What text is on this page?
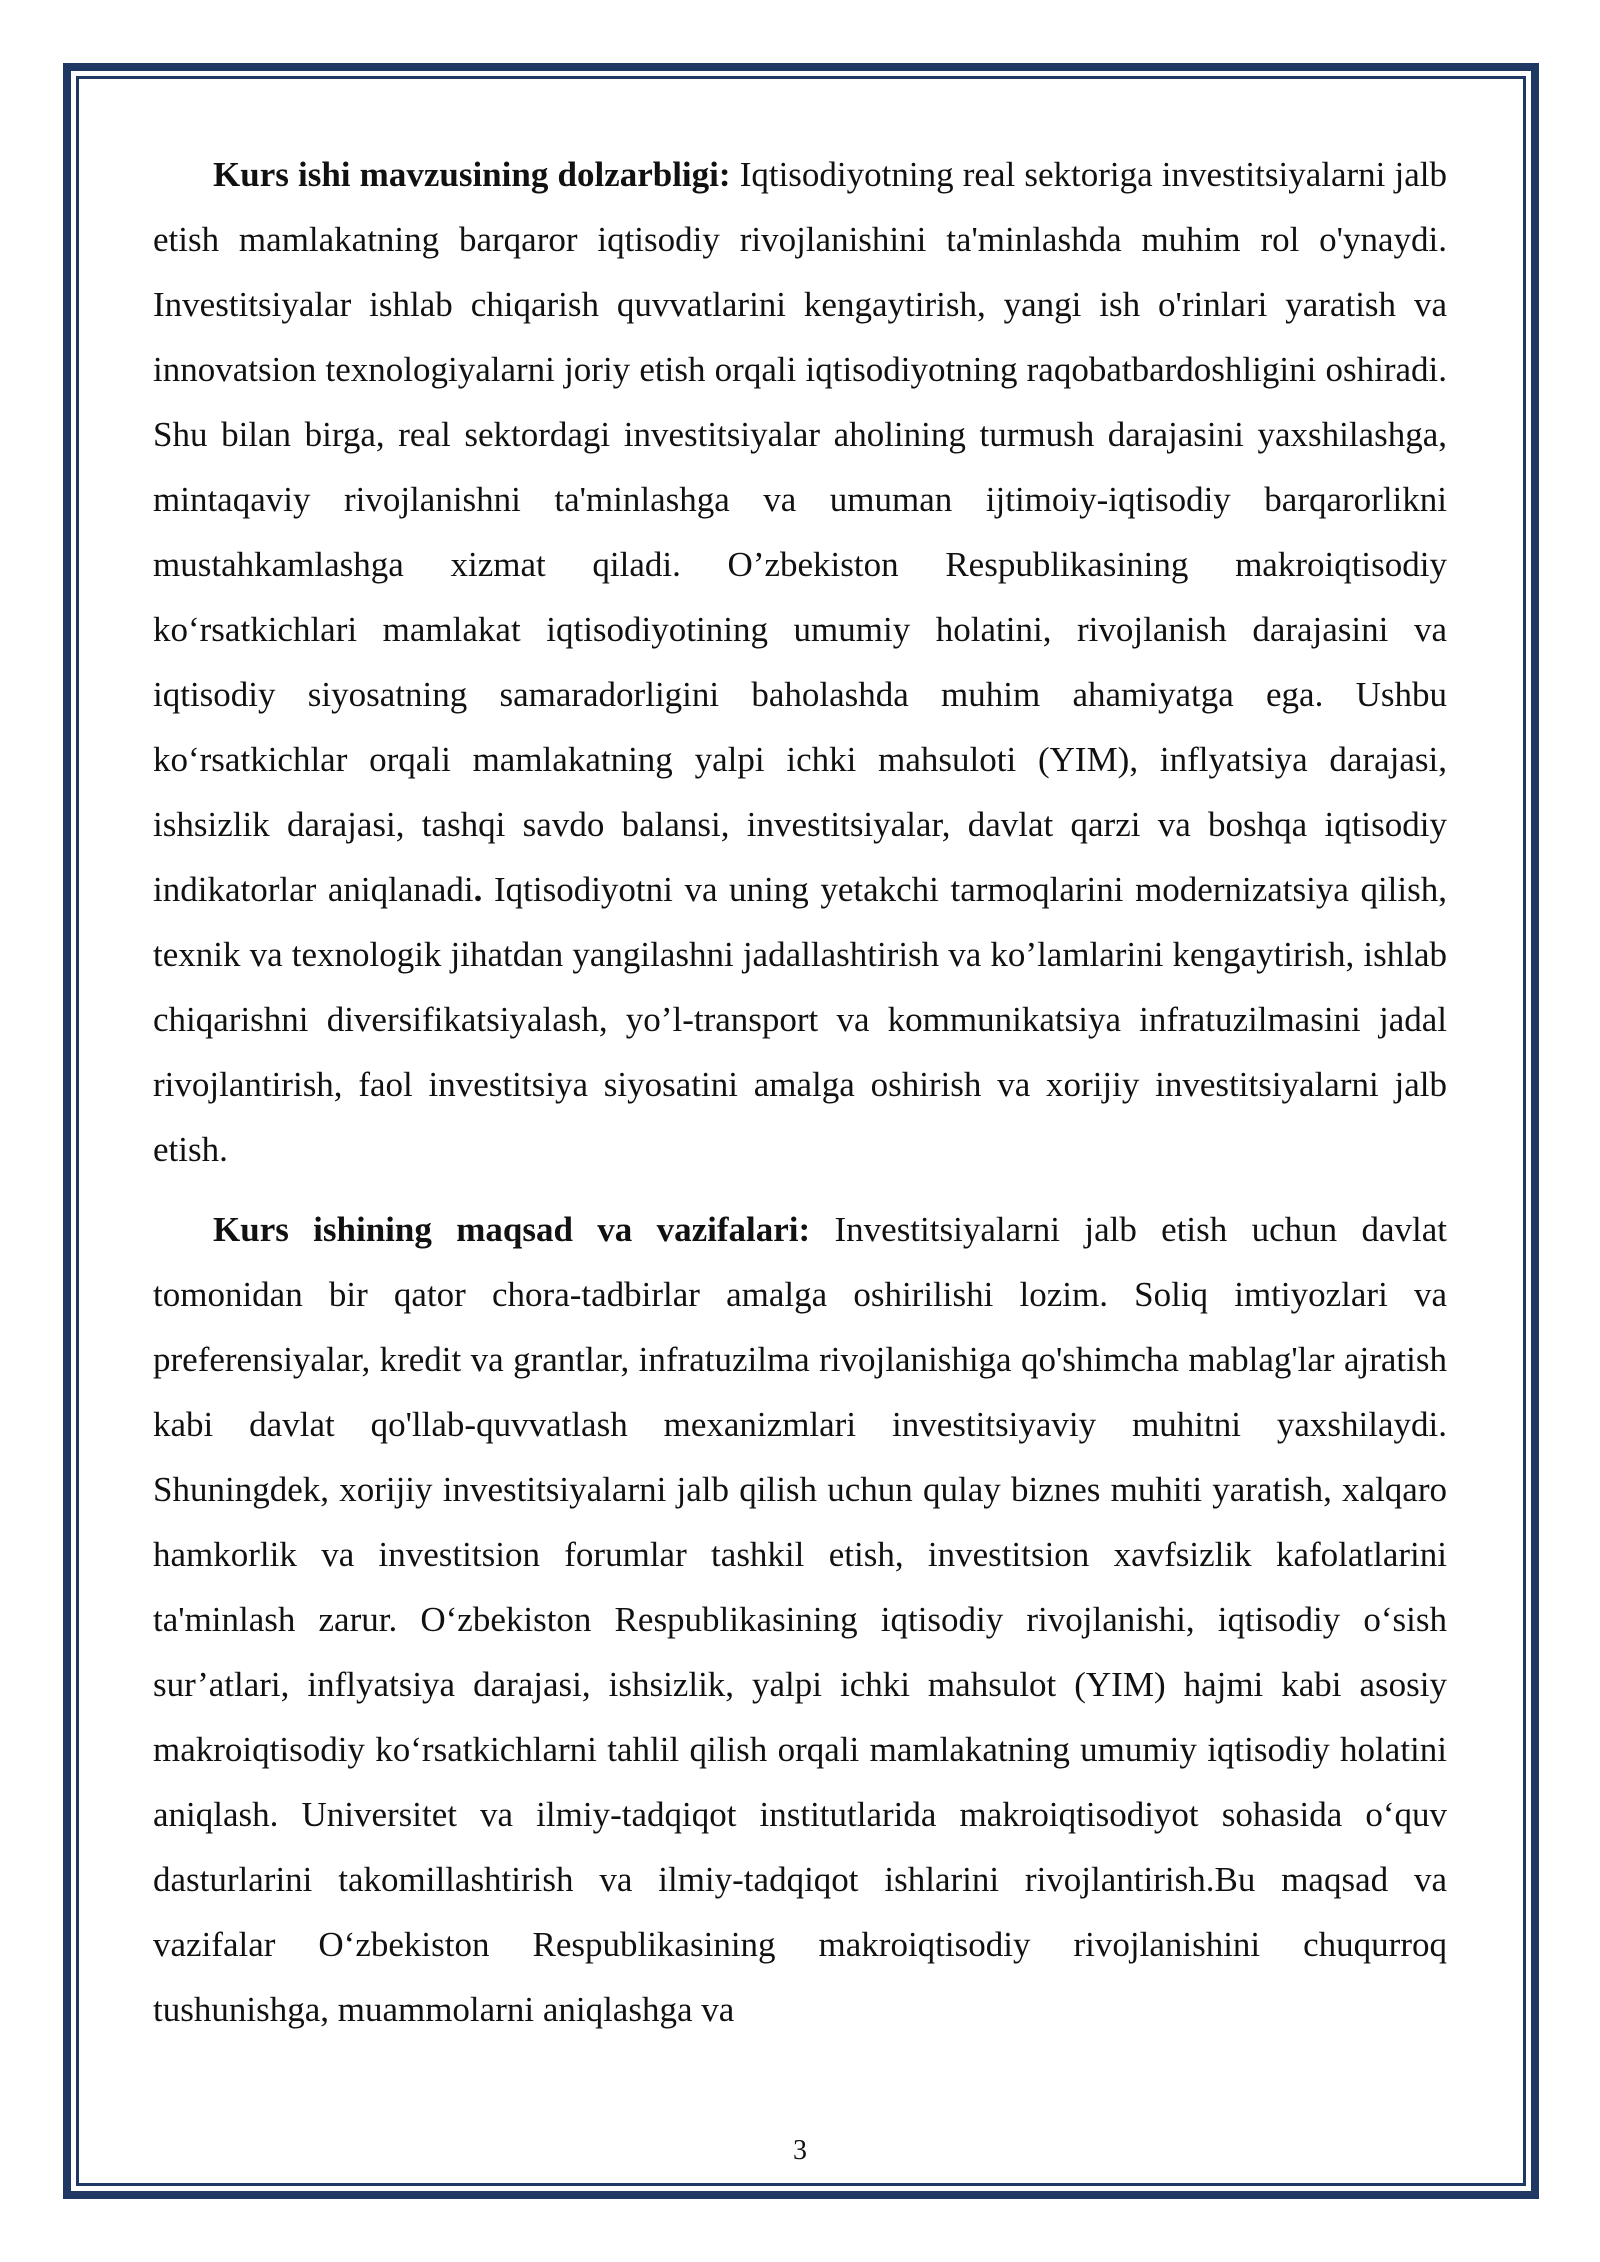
Kurs ishi mavzusining dolzarbligi: Iqtisodiyotning real sektoriga investitsiyalarni jalb etish mamlakatning barqaror iqtisodiy rivojlanishini ta'minlashda muhim rol o'ynaydi. Investitsiyalar ishlab chiqarish quvvatlarini kengaytirish, yangi ish o'rinlari yaratish va innovatsion texnologiyalarni joriy etish orqali iqtisodiyotning raqobatbardoshligini oshiradi. Shu bilan birga, real sektordagi investitsiyalar aholining turmush darajasini yaxshilashga, mintaqaviy rivojlanishni ta'minlashga va umuman ijtimoiy-iqtisodiy barqarorlikni mustahkamlashga xizmat qiladi. O’zbekiston Respublikasining makroiqtisodiy ko‘rsatkichlari mamlakat iqtisodiyotining umumiy holatini, rivojlanish darajasini va iqtisodiy siyosatning samaradorligini baholashda muhim ahamiyatga ega. Ushbu ko‘rsatkichlar orqali mamlakatning yalpi ichki mahsuloti (YIM), inflyatsiya darajasi, ishsizlik darajasi, tashqi savdo balansi, investitsiyalar, davlat qarzi va boshqa iqtisodiy indikatorlar aniqlanadi. Iqtisodiyotni va uning yetakchi tarmoqlarini modernizatsiya qilish, texnik va texnologik jihatdan yangilashni jadallashtirish va ko’lamlarini kengaytirish, ishlab chiqarishni diversifikatsiyalash, yo’l-transport va kommunikatsiya infratuzilmasini jadal rivojlantirish, faol investitsiya siyosatini amalga oshirish va xorijiy investitsiyalarni jalb etish.

Kurs ishining maqsad va vazifalari: Investitsiyalarni jalb etish uchun davlat tomonidan bir qator chora-tadbirlar amalga oshirilishi lozim. Soliq imtiyozlari va preferensiyalar, kredit va grantlar, infratuzilma rivojlanishiga qo'shimcha mablag'lar ajratish kabi davlat qo'llab-quvvatlash mexanizmlari investitsiyaviy muhitni yaxshilaydi. Shuningdek, xorijiy investitsiyalarni jalb qilish uchun qulay biznes muhiti yaratish, xalqaro hamkorlik va investitsion forumlar tashkil etish, investitsion xavfsizlik kafolatlarini ta'minlash zarur. O‘zbekiston Respublikasining iqtisodiy rivojlanishi, iqtisodiy o‘sish sur’atlari, inflyatsiya darajasi, ishsizlik, yalpi ichki mahsulot (YIM) hajmi kabi asosiy makroiqtisodiy ko‘rsatkichlarni tahlil qilish orqali mamlakatning umumiy iqtisodiy holatini aniqlash. Universitet va ilmiy-tadqiqot institutlarida makroiqtisodiyot sohasida o‘quv dasturlarini takomillashtirish va ilmiy-tadqiqot ishlarini rivojlantirish.Bu maqsad va vazifalar O‘zbekiston Respublikasining makroiqtisodiy rivojlanishini chuqurroq tushunishga, muammolarni aniqlashga va

3
